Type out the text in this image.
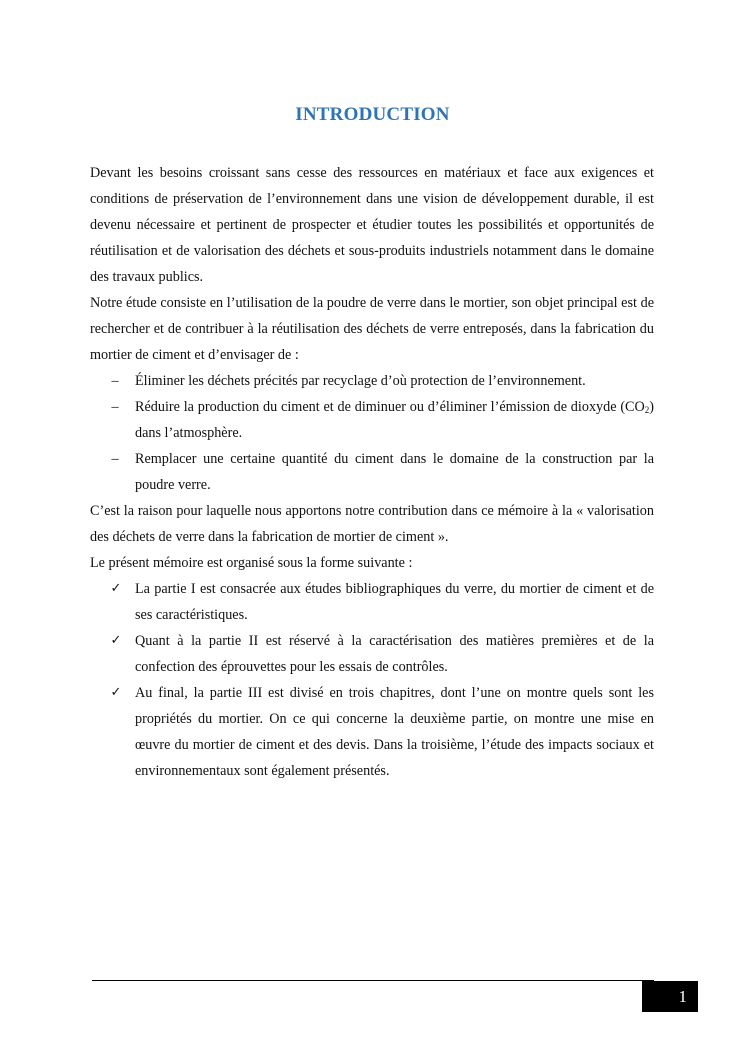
INTRODUCTION

Devant les besoins croissant sans cesse des ressources en matériaux et face aux exigences et conditions de préservation de l’environnement dans une vision de développement durable, il est devenu nécessaire et pertinent de prospecter et étudier toutes les possibilités et opportunités de réutilisation et de valorisation des déchets et sous-produits industriels notamment dans le domaine des travaux publics.

Notre étude consiste en l’utilisation de la poudre de verre dans le mortier, son objet principal est de rechercher et de contribuer à la réutilisation des déchets de verre entreposés, dans la fabrication du mortier de ciment et d’envisager de :

– Éliminer les déchets précités par recyclage d’où protection de l’environnement.
– Réduire la production du ciment et de diminuer ou d’éliminer l’émission de dioxyde $(CO_2)$ dans l’atmosphère.
– Remplacer une certaine quantité du ciment dans le domaine de la construction par la poudre verre.

C’est la raison pour laquelle nous apportons notre contribution dans ce mémoire à la « valorisation des déchets de verre dans la fabrication de mortier de ciment ».

Le présent mémoire est organisé sous la forme suivante :

✓ La partie I est consacrée aux études bibliographiques du verre, du mortier de ciment et de ses caractéristiques.
✓ Quant à la partie II est réservé à la caractérisation des matières premières et de la confection des éprouvettes pour les essais de contrôles.
✓ Au final, la partie III est divisé en trois chapitres, dont l’une on montre quels sont les propriétés du mortier. On ce qui concerne la deuxième partie, on montre une mise en œuvre du mortier de ciment et des devis. Dans la troisième, l’étude des impacts sociaux et environnementaux sont également présentés.
1
